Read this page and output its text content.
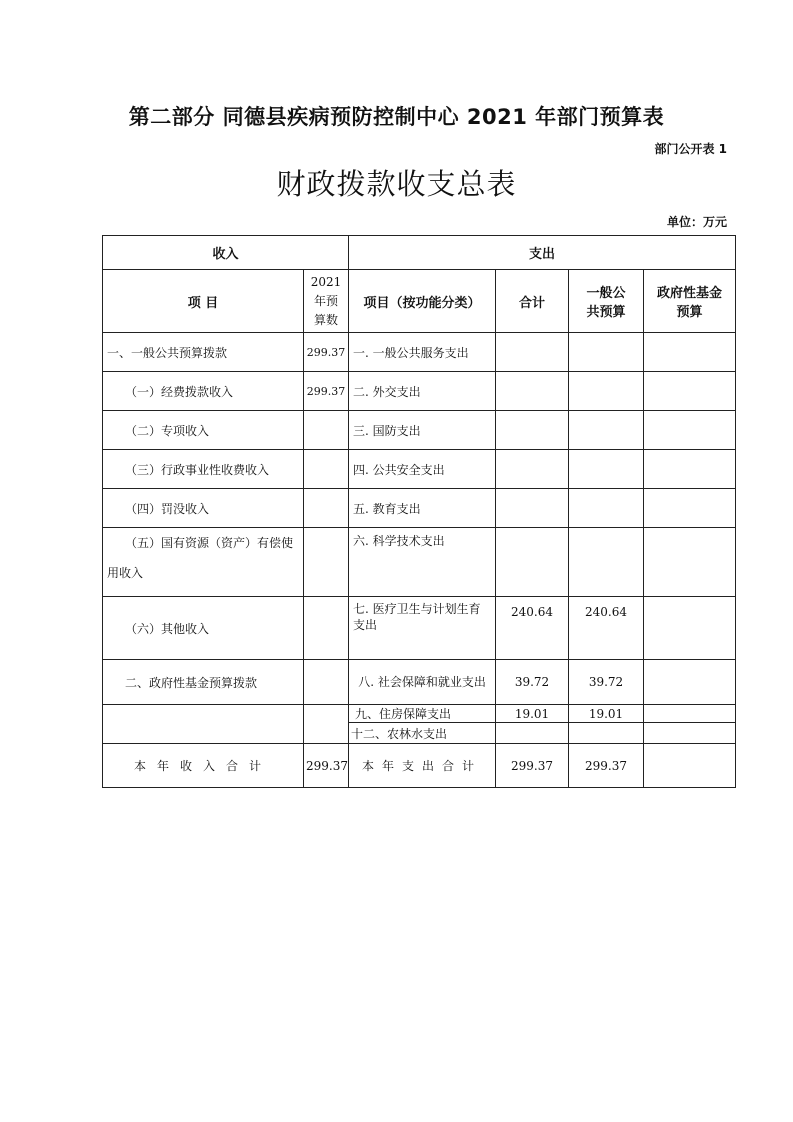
第二部分 同德县疾病预防控制中心 2021 年部门预算表
部门公开表 1
财政拨款收支总表
单位：万元
收入		支出			
项 目	2021年预算数	项目（按功能分类）	合计	一般公共预算	政府性基金预算
一、一般公共预算拨款	299.37	一. 一般公共服务支出			
（一）经费拨款收入	299.37	二. 外交支出			
（二）专项收入		三. 国防支出			
（三）行政事业性收费收入		四. 公共安全支出			
（四）罚没收入		五. 教育支出			
（五）国有资源（资产）有偿使用收入		六. 科学技术支出			
（六）其他收入		七. 医疗卫生与计划生育支出	240.64	240.64	
二、政府性基金预算拨款		八. 社会保障和就业支出	39.72	39.72	
		九、住房保障支出	19.01	19.01	
		十二、农林水支出			
本年收入合计	299.37	本年支出合计	299.37	299.37	
